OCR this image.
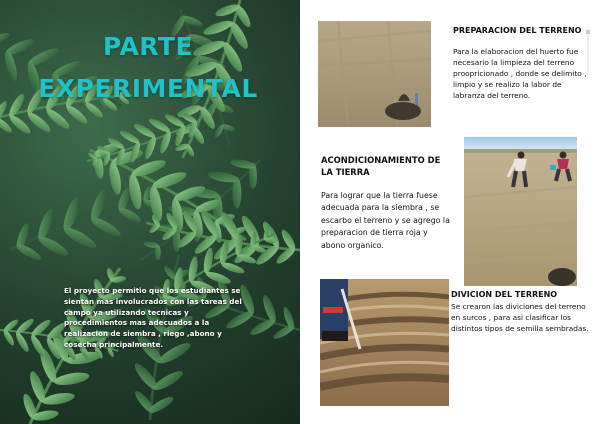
PARTE
EXPERIMENTAL

El proyecto permitio que los estudiantes se sientan mas involucrados con las tareas del campo ya utilizando tecnicas y procedimientos mas adecuados a la realizacion de siembra , riego ,abono y cosecha principalmente.

PREPARACION DEL TERRENO

Para la elaboracion del huerto fue necesario la limpieza del terreno proopricionado , donde se delimito , limpio y se realizo la labor de labranza del terreno.

ACONDICIONAMIENTO DE LA TIERRA

Para lograr que la tierra fuese adecuada para la siembra , se escarbo el terreno y se agrego la preparacion de tierra roja y abono organico.

DIVICION DEL TERRENO

Se crearon las diviciones del terreno en surcos , para asi clasificar los distintos tipos de semilla sembradas.
